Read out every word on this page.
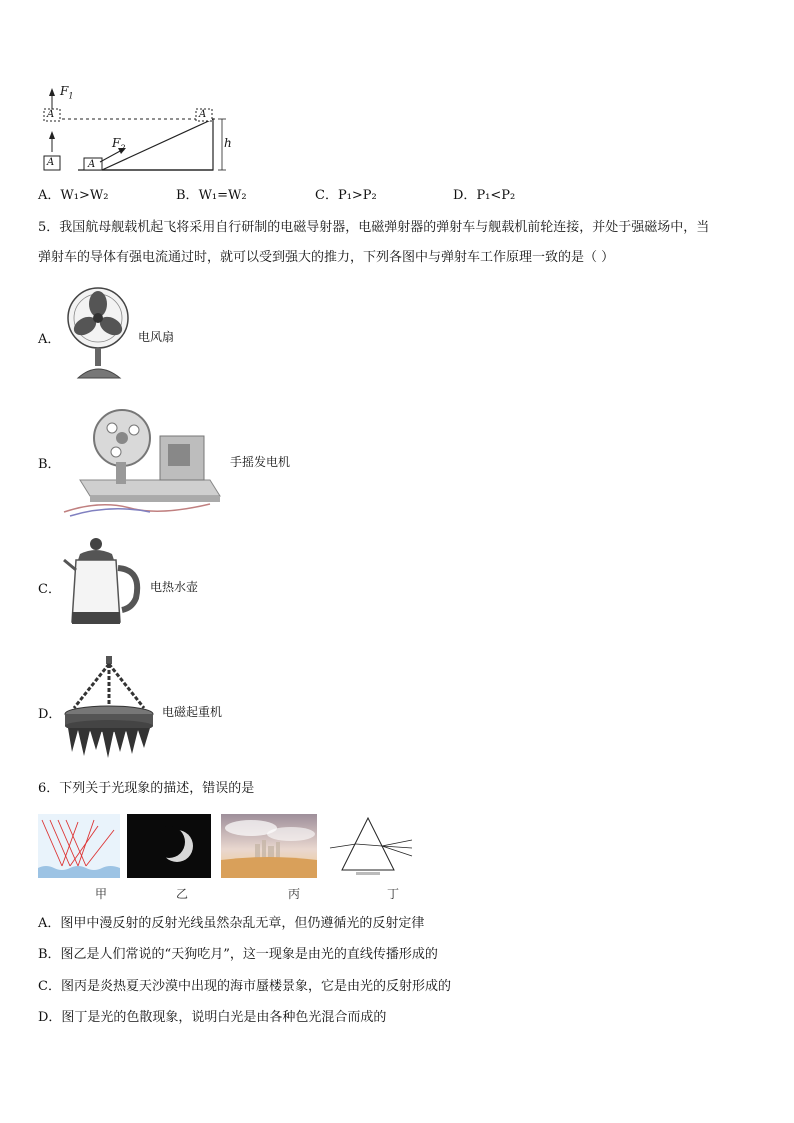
$F_1$
$F_2$	h
A
A	A
A
A．W₁>W₂	B．W₁=W₂	C．P₁>P₂	D．P₁<P₂
5．我国航母舰载机起飞将采用自行研制的电磁导射器，电磁弹射器的弹射车与舰载机前轮连接，并处于强磁场中，当
弹射车的导体有强电流通过时，就可以受到强大的推力，下列各图中与弹射车工作原理一致的是（ ）
A．	电风扇
B．	手摇发电机
C．	电热水壶
D．	电磁起重机
6．下列关于光现象的描述，错误的是
甲	乙	丙	丁
A．图甲中漫反射的反射光线虽然杂乱无章，但仍遵循光的反射定律
B．图乙是人们常说的“天狗吃月”，这一现象是由光的直线传播形成的
C．图丙是炎热夏天沙漠中出现的海市蜃楼景象，它是由光的反射形成的
D．图丁是光的色散现象，说明白光是由各种色光混合而成的
